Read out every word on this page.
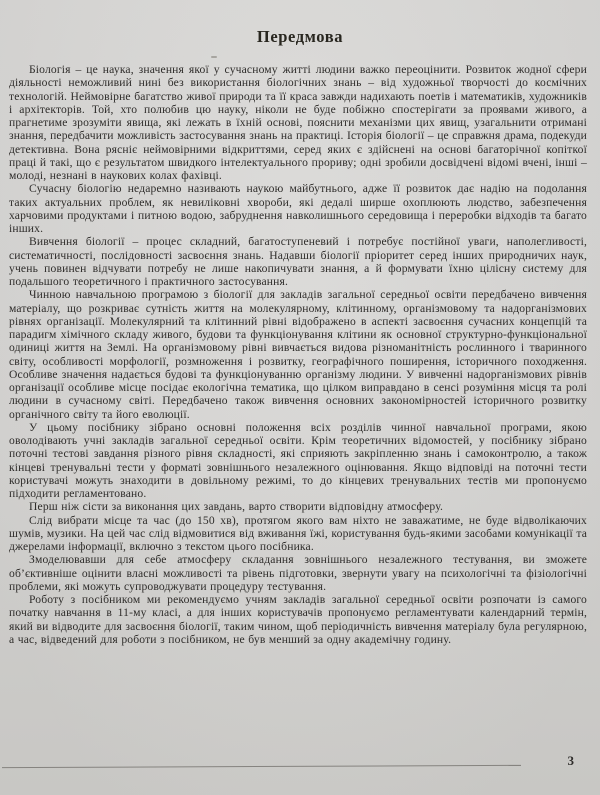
Передмова

Біологія – це наука, значення якої у сучасному житті людини важко переоцінити. Розвиток жодної сфери діяльності неможливий нині без використання біологічних знань – від художньої творчості до космічних технологій. Неймовірне багатство живої природи та її краса завжди надихають поетів і математиків, художників і архітекторів. Той, хто полюбив цю науку, ніколи не буде побіжно спостерігати за проявами живого, а прагнетиме зрозуміти явища, які лежать в їхній основі, пояснити механізми цих явищ, узагальнити отримані знання, передбачити можливість застосування знань на практиці. Історія біології – це справжня драма, подекуди детективна. Вона рясніє неймовірними відкриттями, серед яких є здійснені на основі багаторічної копіткої праці й такі, що є результатом швидкого інтелектуального прориву; одні зробили досвідчені відомі вчені, інші – молоді, незнані в наукових колах фахівці.

Сучасну біологію недаремно називають наукою майбутнього, адже її розвиток дає надію на подолання таких актуальних проблем, як невиліковні хвороби, які дедалі ширше охоплюють людство, забезпечення харчовими продуктами і питною водою, забруднення навколишнього середовища і переробки відходів та багато інших.

Вивчення біології – процес складний, багатоступеневий і потребує постійної уваги, наполегливості, систематичності, послідовності засвоєння знань. Надавши біології пріоритет серед інших природничих наук, учень повинен відчувати потребу не лише накопичувати знання, а й формувати їхню цілісну систему для подальшого теоретичного і практичного застосування.

Чинною навчальною програмою з біології для закладів загальної середньої освіти передбачено вивчення матеріалу, що розкриває сутність життя на молекулярному, клітинному, організмовому та надорганізмових рівнях організації. Молекулярний та клітинний рівні відображено в аспекті засвоєння сучасних концепцій та парадигм хімічного складу живого, будови та функціонування клітини як основної структурно-функціональної одиниці життя на Землі. На організмовому рівні вивчається видова різноманітність рослинного і тваринного світу, особливості морфології, розмноження і розвитку, географічного поширення, історичного походження. Особливе значення надається будові та функціонуванню організму людини. У вивченні надорганізмових рівнів організації особливе місце посідає екологічна тематика, що цілком виправдано в сенсі розуміння місця та ролі людини в сучасному світі. Передбачено також вивчення основних закономірностей історичного розвитку органічного світу та його еволюції.

У цьому посібнику зібрано основні положення всіх розділів чинної навчальної програми, якою оволодівають учні закладів загальної середньої освіти. Крім теоретичних відомостей, у посібнику зібрано поточні тестові завдання різного рівня складності, які сприяють закріпленню знань і самоконтролю, а також кінцеві тренувальні тести у форматі зовнішнього незалежного оцінювання. Якщо відповіді на поточні тести користувачі можуть знаходити в довільному режимі, то до кінцевих тренувальних тестів ми пропонуємо підходити регламентовано.

Перш ніж сісти за виконання цих завдань, варто створити відповідну атмосферу.

Слід вибрати місце та час (до 150 хв), протягом якого вам ніхто не заважатиме, не буде відволікаючих шумів, музики. На цей час слід відмовитися від вживання їжі, користування будь-якими засобами комунікації та джерелами інформації, включно з текстом цього посібника.

Змоделювавши для себе атмосферу складання зовнішнього незалежного тестування, ви зможете об’єктивніше оцінити власні можливості та рівень підготовки, звернути увагу на психологічні та фізіологічні проблеми, які можуть супроводжувати процедуру тестування.

Роботу з посібником ми рекомендуємо учням закладів загальної середньої освіти розпочати із самого початку навчання в 11-му класі, а для інших користувачів пропонуємо регламентувати календарний термін, який ви відводите для засвоєння біології, таким чином, щоб періодичність вивчення матеріалу була регулярною, а час, відведений для роботи з посібником, не був менший за одну академічну годину.

3
